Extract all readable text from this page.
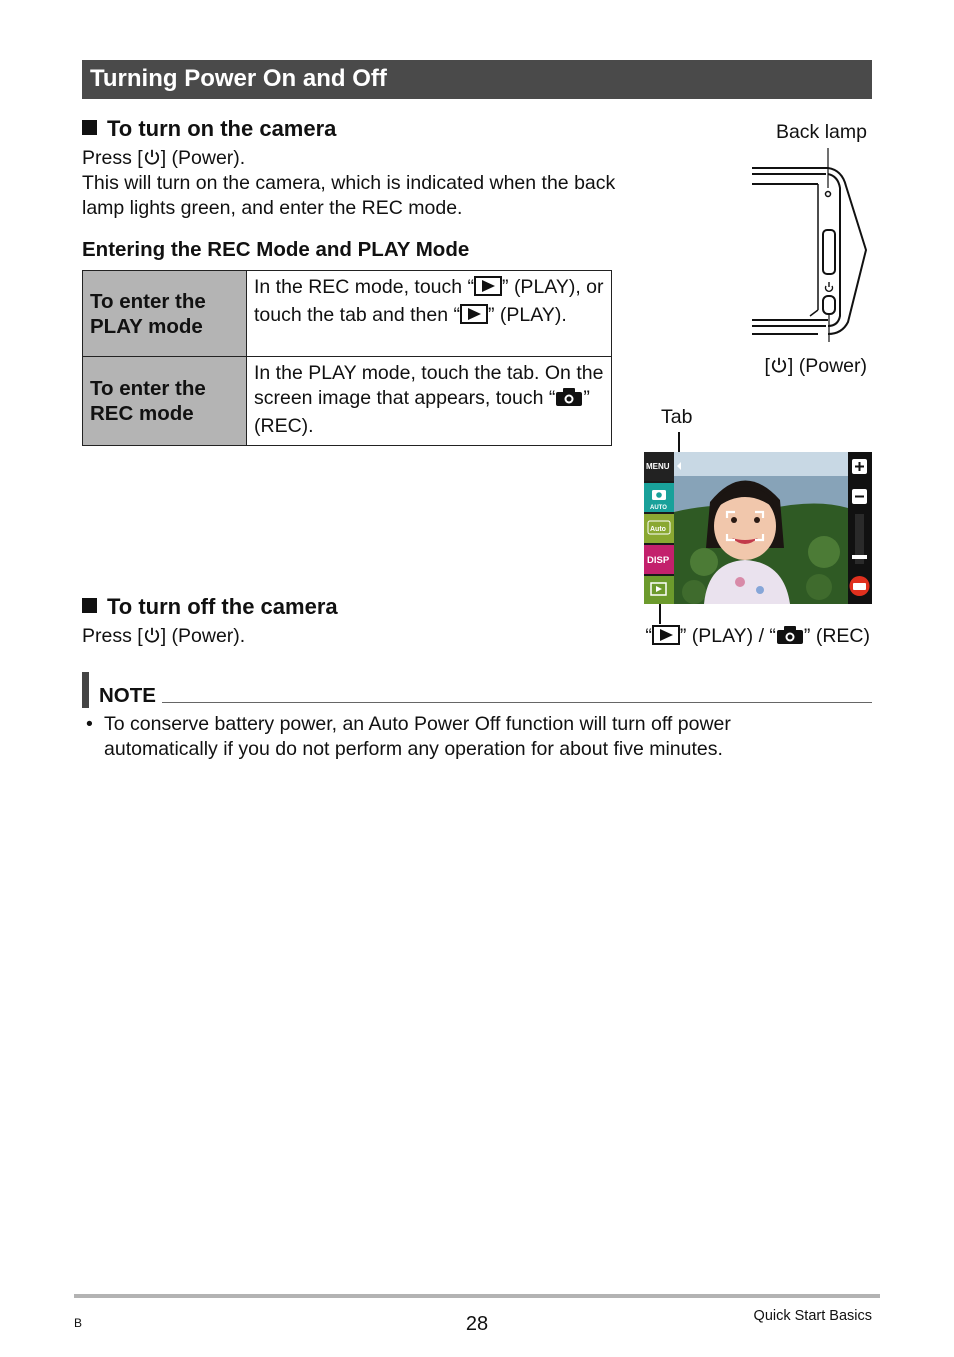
Turning Power On and Off
To turn on the camera
Press [ ] (Power).
This will turn on the camera, which is indicated when the back lamp lights green, and enter the REC mode.
Entering the REC Mode and PLAY Mode
To enter the
PLAY mode	In the REC mode, touch “ ” (PLAY), or touch the tab and then “ ” (PLAY).

To enter the
REC mode	In the PLAY mode, touch the tab. On the screen image that appears, touch “ ” (REC).
Back lamp
[ ] (Power)
Tab
MENU
AUTO
Auto
DISP
“ ” (PLAY) / “ ” (REC)
To turn off the camera
Press [ ] (Power).
NOTE
• To conserve battery power, an Auto Power Off function will turn off power automatically if you do not perform any operation for about five minutes.
B	28	Quick Start Basics
